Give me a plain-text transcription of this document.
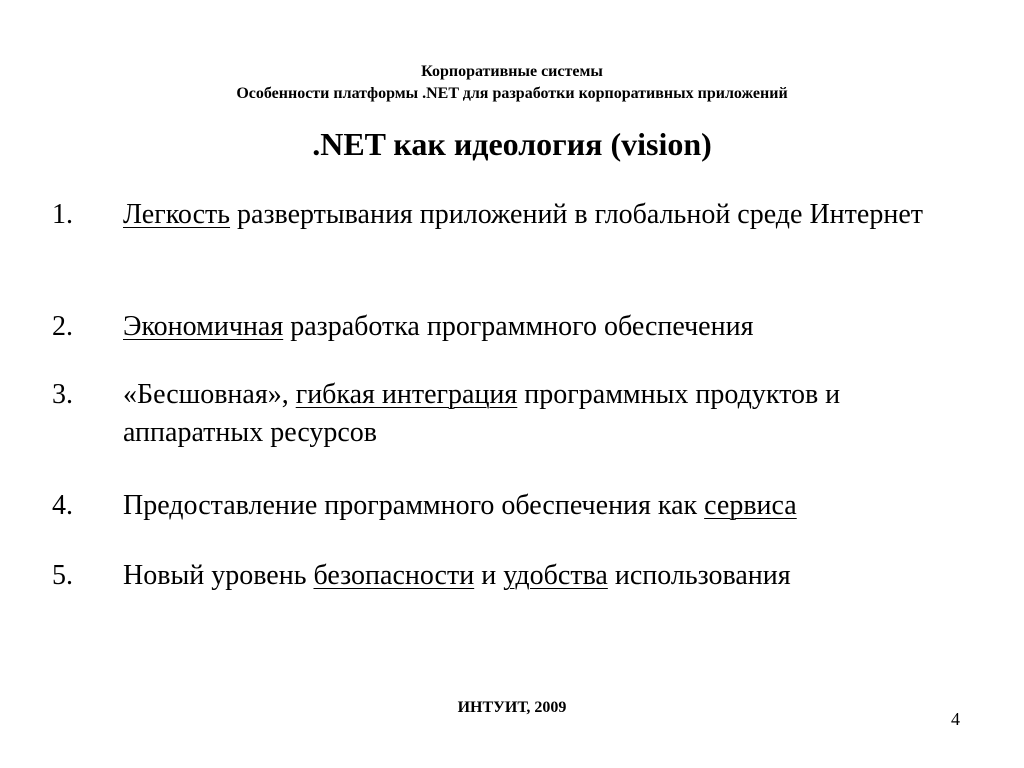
Корпоративные системы
Особенности платформы .NET для разработки корпоративных приложений
.NET как идеология (vision)
1. Легкость развертывания приложений в глобальной среде Интернет
2. Экономичная разработка программного обеспечения
3. «Бесшовная», гибкая интеграция программных продуктов и аппаратных ресурсов
4. Предоставление программного обеспечения как сервиса
5. Новый уровень безопасности и удобства использования
ИНТУИТ, 2009
4
